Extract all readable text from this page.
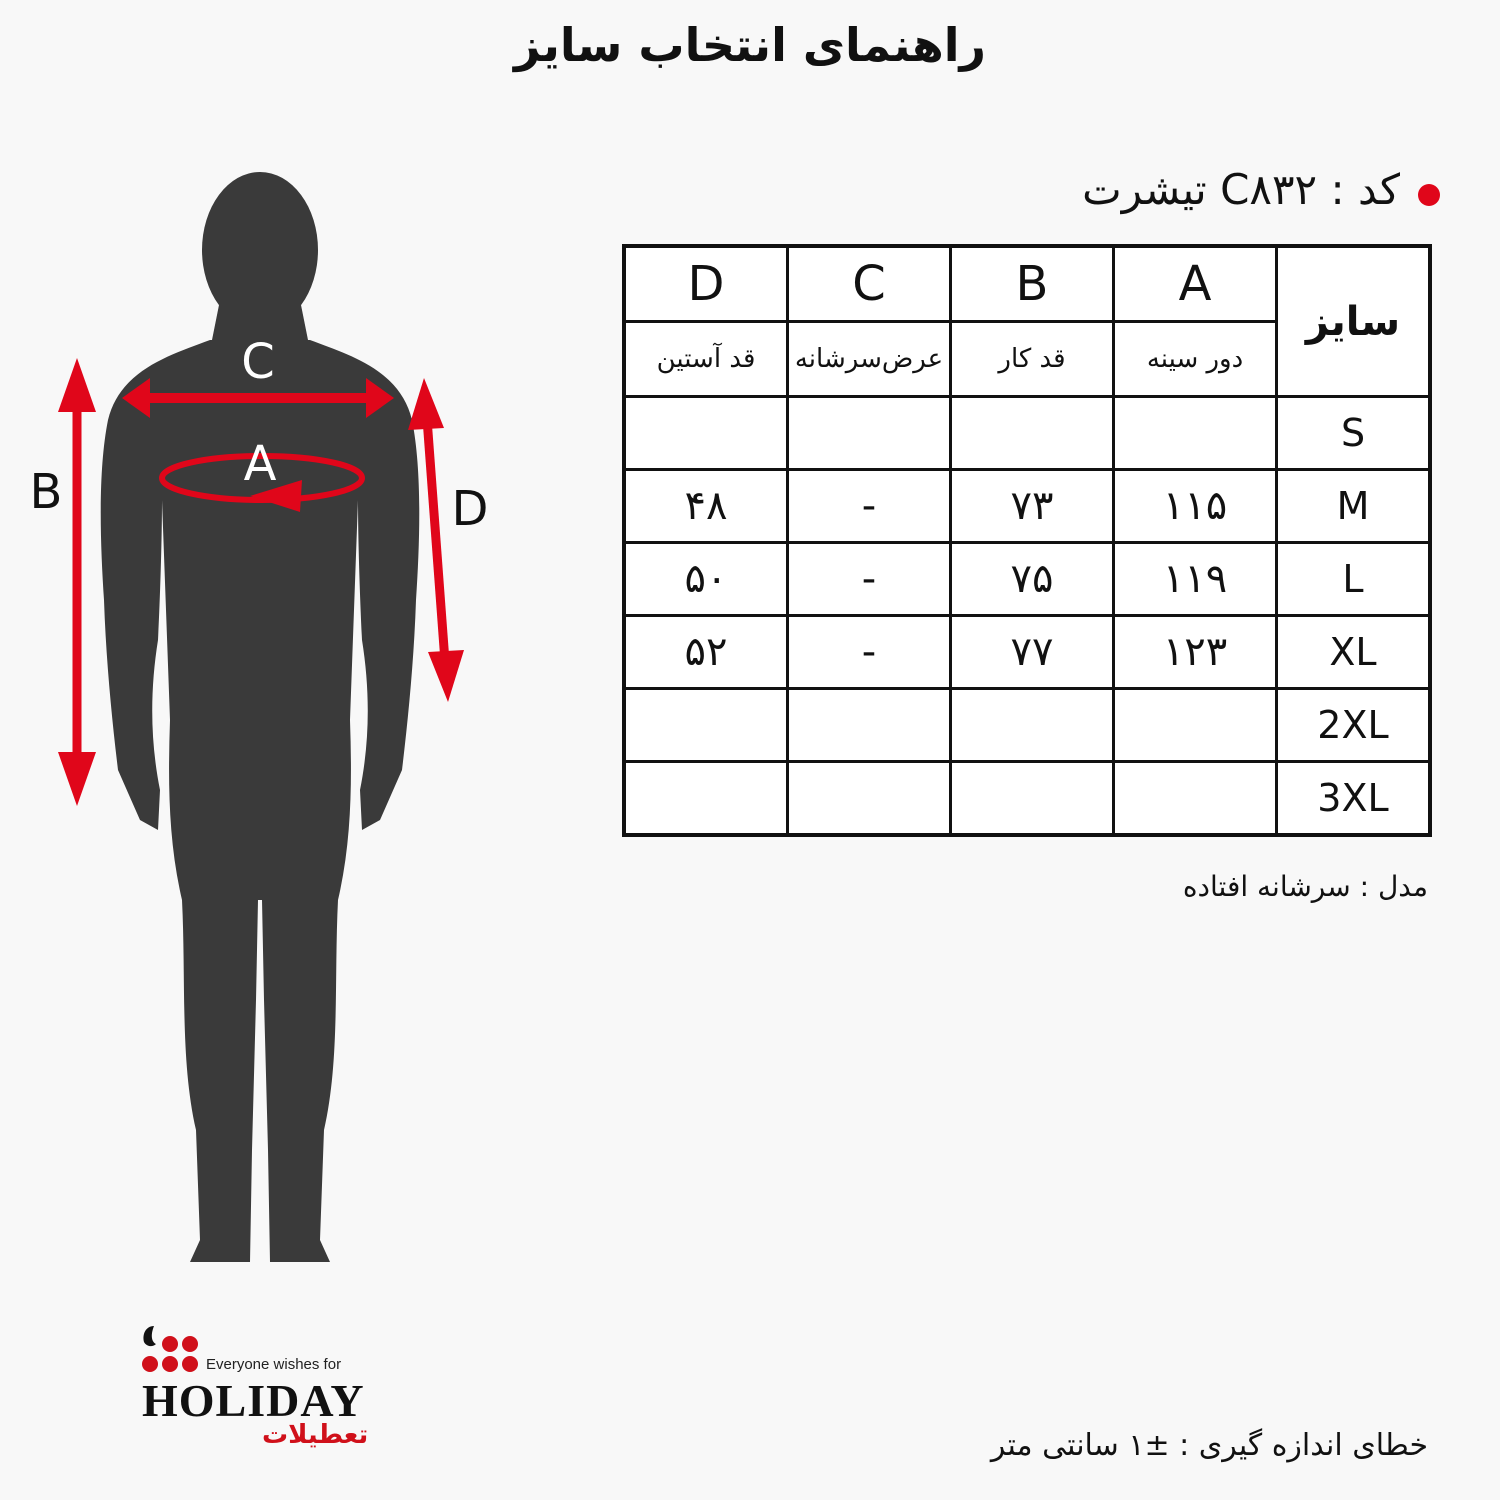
راهنمای انتخاب سایز
کد : C۸۳۲ تیشرت
C
A
B	D
سایز	A	B	C	D
	دور سینه	قد کار	عرض‌سرشانه	قد آستین
S				
M	۱۱۵	۷۳	-	۴۸
L	۱۱۹	۷۵	-	۵۰
XL	۱۲۳	۷۷	-	۵۲
2XL				
3XL				
مدل : سرشانه افتاده
Everyone wishes for
HOLIDAY
تعطیلات	خطای اندازه گیری : ±۱ سانتی متر
